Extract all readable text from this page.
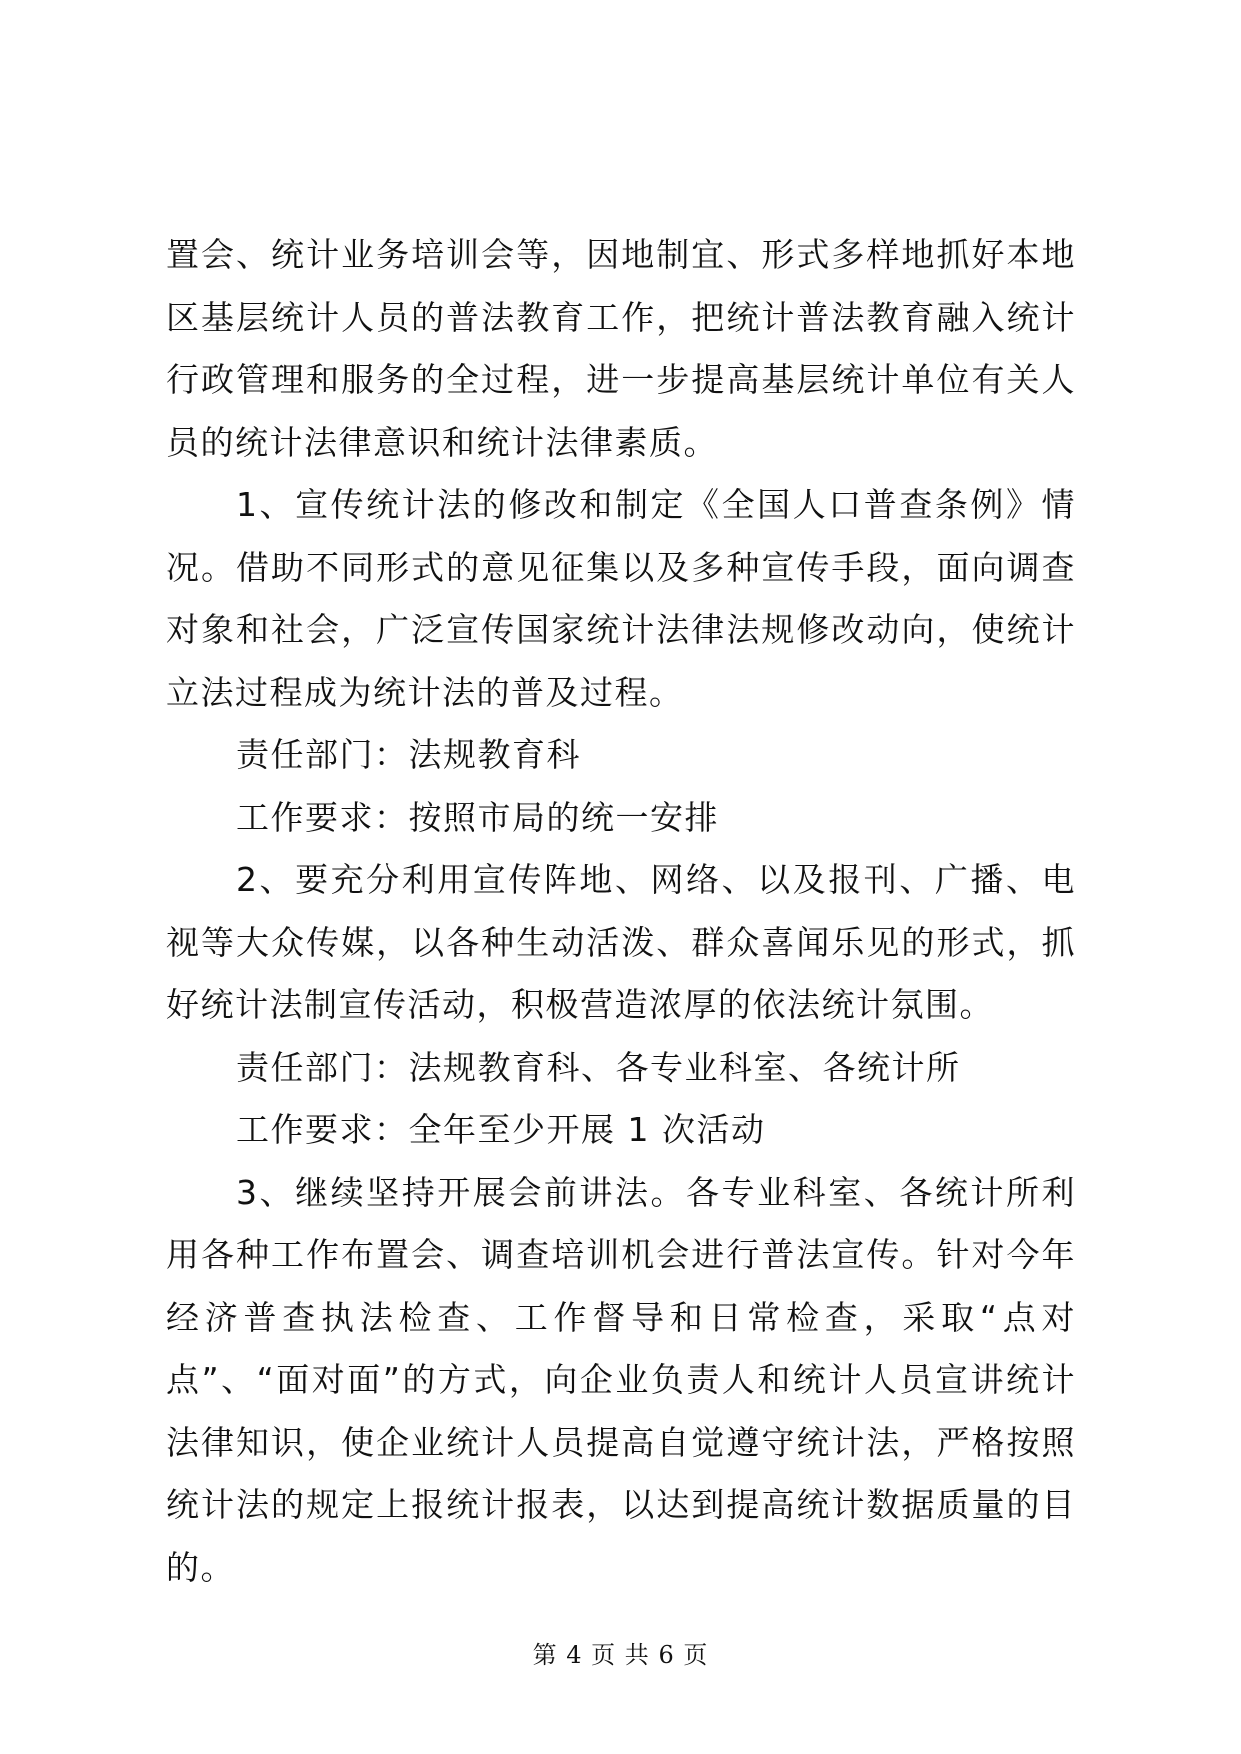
置会、统计业务培训会等，因地制宜、形式多样地抓好本地区基层统计人员的普法教育工作，把统计普法教育融入统计行政管理和服务的全过程，进一步提高基层统计单位有关人员的统计法律意识和统计法律素质。

1、宣传统计法的修改和制定《全国人口普查条例》情况。借助不同形式的意见征集以及多种宣传手段，面向调查对象和社会，广泛宣传国家统计法律法规修改动向，使统计立法过程成为统计法的普及过程。

责任部门：法规教育科

工作要求：按照市局的统一安排

2、要充分利用宣传阵地、网络、以及报刊、广播、电视等大众传媒，以各种生动活泼、群众喜闻乐见的形式，抓好统计法制宣传活动，积极营造浓厚的依法统计氛围。

责任部门：法规教育科、各专业科室、各统计所

工作要求：全年至少开展 1 次活动

3、继续坚持开展会前讲法。各专业科室、各统计所利用各种工作布置会、调查培训机会进行普法宣传。针对今年经济普查执法检查、工作督导和日常检查，采取“点对点”、“面对面”的方式，向企业负责人和统计人员宣讲统计法律知识，使企业统计人员提高自觉遵守统计法，严格按照统计法的规定上报统计报表，以达到提高统计数据质量的目的。

第 4 页 共 6 页
